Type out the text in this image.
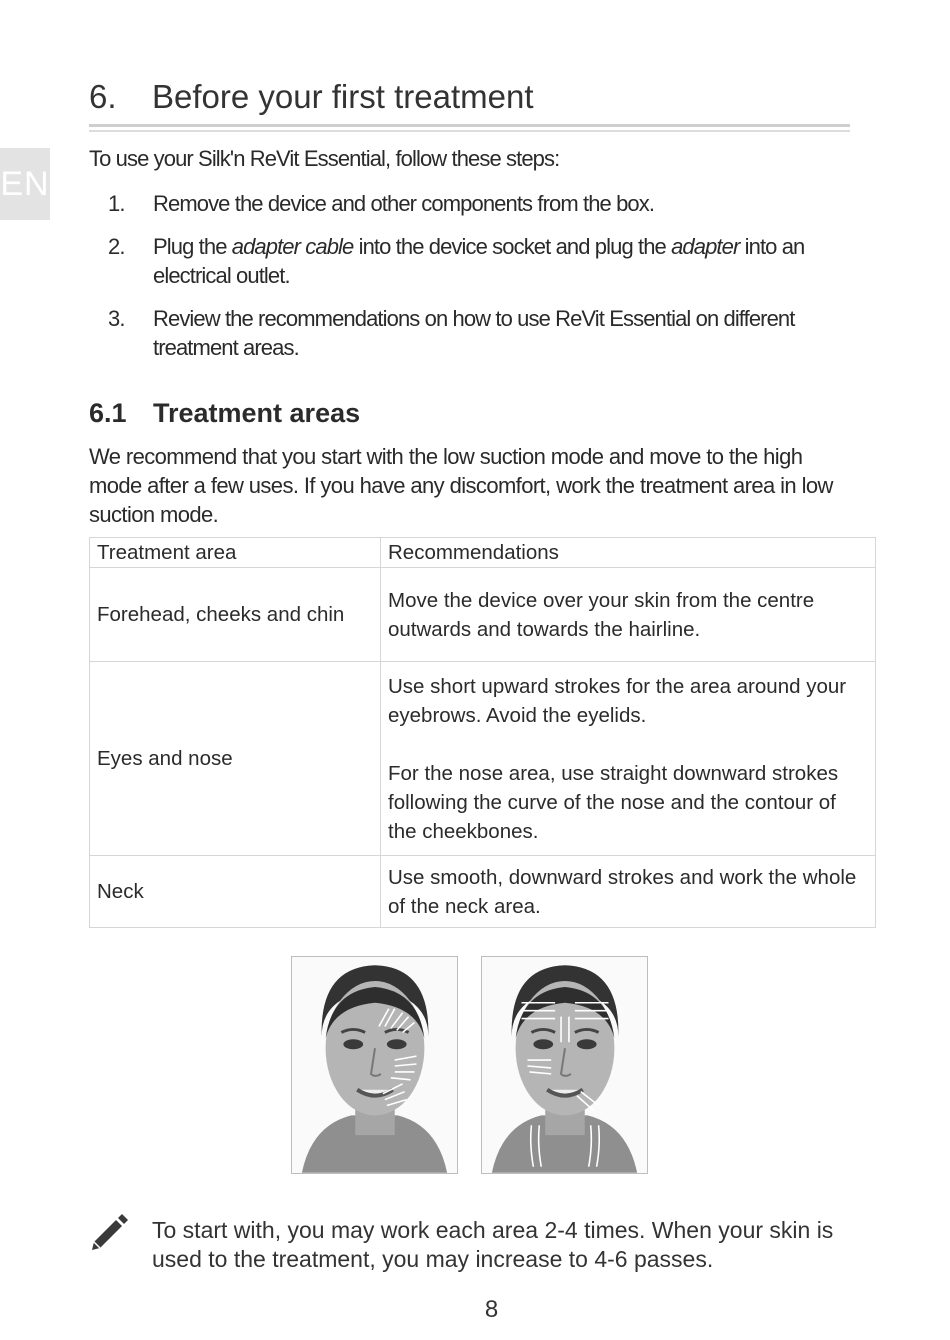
EN
6.	Before your first treatment

To use your Silk'n ReVit Essential, follow these steps:

1.	Remove the device and other components from the box.
2.	Plug the adapter cable into the device socket and plug the adapter into an electrical outlet.
3.	Review the recommendations on how to use ReVit Essential on different treatment areas.
6.1 Treatment areas

We recommend that you start with the low suction mode and move to the high mode after a few uses. If you have any discomfort, work the treatment area in low suction mode.

Treatment area	Recommendations
Forehead, cheeks and chin	Move the device over your skin from the centre outwards and towards the hairline.

Eyes and nose	Use short upward strokes for the area around your eyebrows. Avoid the eyelids.
For the nose area, use straight downward strokes following the curve of the nose and the contour of the cheekbones.

Neck	Use smooth, downward strokes and work the whole of the neck area.

To start with, you may work each area 2-4 times. When your skin is used to the treatment, you may increase to 4-6 passes.

8
